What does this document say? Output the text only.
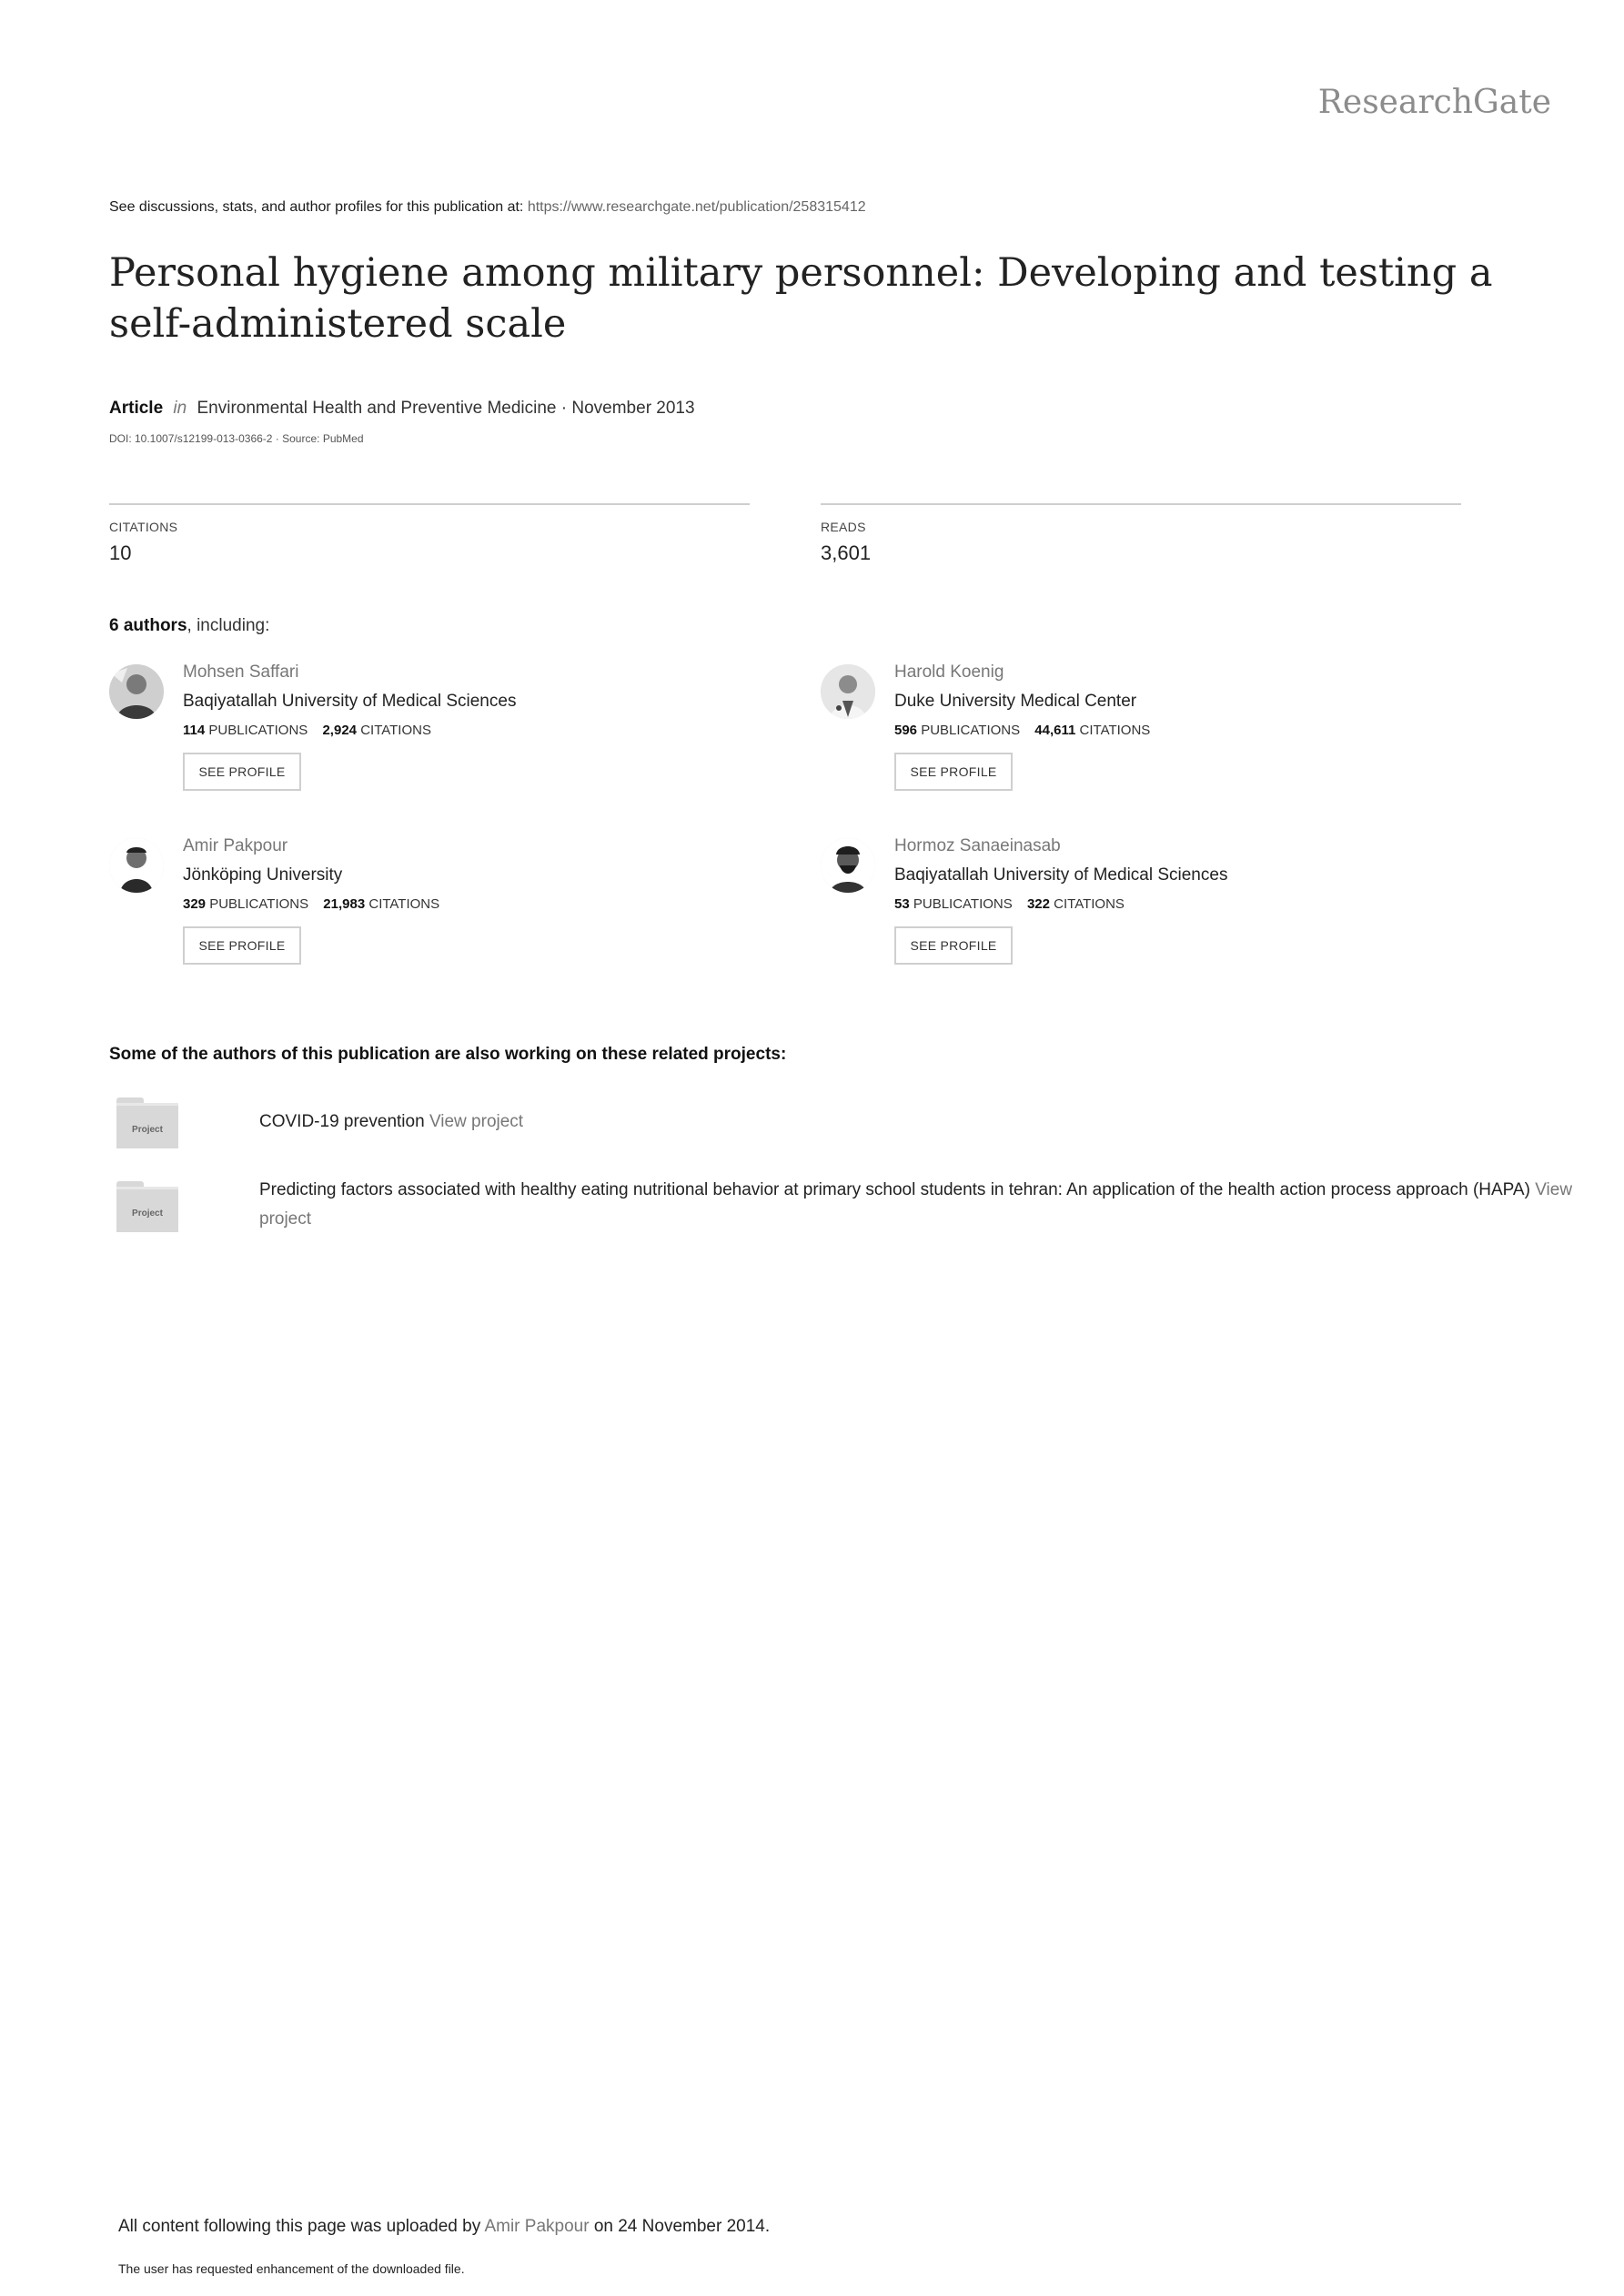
ResearchGate
See discussions, stats, and author profiles for this publication at: https://www.researchgate.net/publication/258315412
Personal hygiene among military personnel: Developing and testing a self-administered scale
Article in Environmental Health and Preventive Medicine · November 2013
DOI: 10.1007/s12199-013-0366-2 · Source: PubMed
CITATIONS
10
READS
3,601
6 authors, including:
Mohsen Saffari
Baqiyatallah University of Medical Sciences
114 PUBLICATIONS 2,924 CITATIONS
SEE PROFILE
Harold Koenig
Duke University Medical Center
596 PUBLICATIONS 44,611 CITATIONS
SEE PROFILE
Amir Pakpour
Jönköping University
329 PUBLICATIONS 21,983 CITATIONS
SEE PROFILE
Hormoz Sanaeinasab
Baqiyatallah University of Medical Sciences
53 PUBLICATIONS 322 CITATIONS
SEE PROFILE
Some of the authors of this publication are also working on these related projects:
Project	COVID-19 prevention View project
Project
Predicting factors associated with healthy eating nutritional behavior at primary school students in tehran: An application of the health action process approach (HAPA) View project
All content following this page was uploaded by Amir Pakpour on 24 November 2014.
The user has requested enhancement of the downloaded file.
